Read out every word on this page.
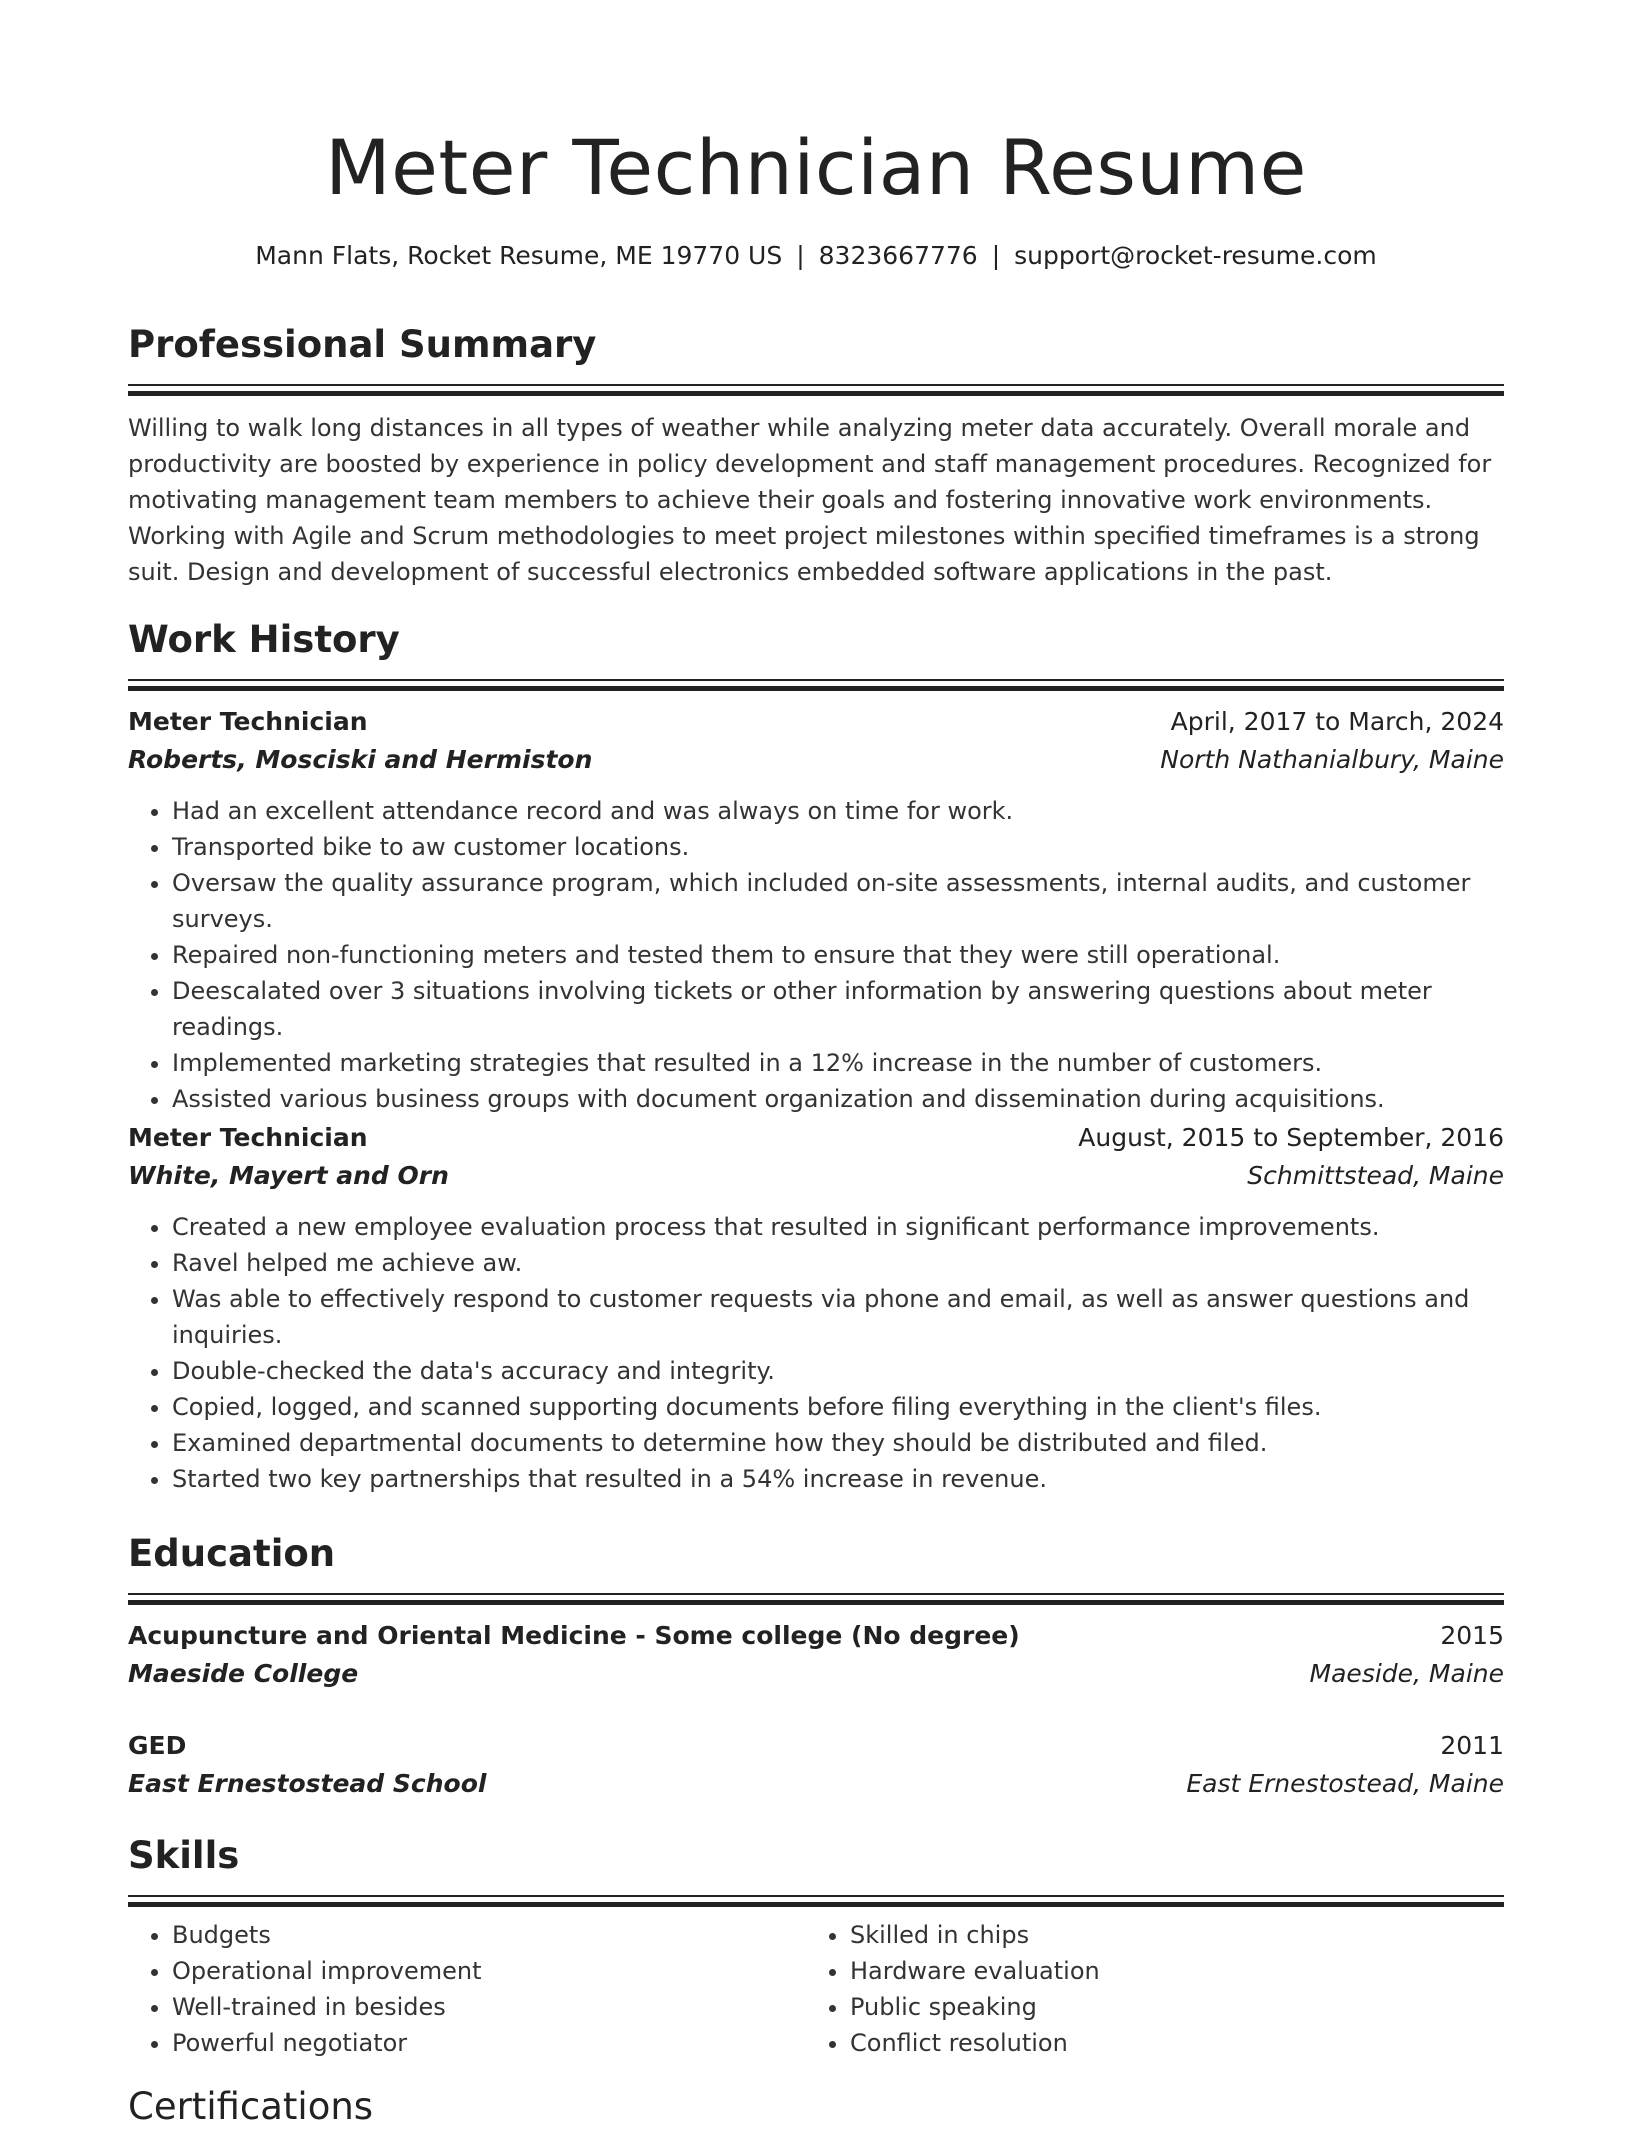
Meter Technician Resume
Mann Flats, Rocket Resume, ME 19770 US | 8323667776 | support@rocket-resume.com
Professional Summary
Willing to walk long distances in all types of weather while analyzing meter data accurately. Overall morale and productivity are boosted by experience in policy development and staff management procedures. Recognized for motivating management team members to achieve their goals and fostering innovative work environments. Working with Agile and Scrum methodologies to meet project milestones within specified timeframes is a strong suit. Design and development of successful electronics embedded software applications in the past.
Work History
Meter Technician	April, 2017 to March, 2024
Roberts, Mosciski and Hermiston	North Nathanialbury, Maine
• Had an excellent attendance record and was always on time for work.
• Transported bike to aw customer locations.
• Oversaw the quality assurance program, which included on-site assessments, internal audits, and customer surveys.
• Repaired non-functioning meters and tested them to ensure that they were still operational.
• Deescalated over 3 situations involving tickets or other information by answering questions about meter readings.
• Implemented marketing strategies that resulted in a 12% increase in the number of customers.
• Assisted various business groups with document organization and dissemination during acquisitions.
Meter Technician	August, 2015 to September, 2016
White, Mayert and Orn	Schmittstead, Maine
• Created a new employee evaluation process that resulted in significant performance improvements.
• Ravel helped me achieve aw.
• Was able to effectively respond to customer requests via phone and email, as well as answer questions and inquiries.
• Double-checked the data's accuracy and integrity.
• Copied, logged, and scanned supporting documents before filing everything in the client's files.
• Examined departmental documents to determine how they should be distributed and filed.
• Started two key partnerships that resulted in a 54% increase in revenue.
Education
Acupuncture and Oriental Medicine - Some college (No degree)	2015
Maeside College	Maeside, Maine
GED	2011
East Ernestostead School	East Ernestostead, Maine
Skills
• Budgets
• Operational improvement
• Well-trained in besides
• Powerful negotiator
• Skilled in chips
• Hardware evaluation
• Public speaking
• Conflict resolution
Certifications
